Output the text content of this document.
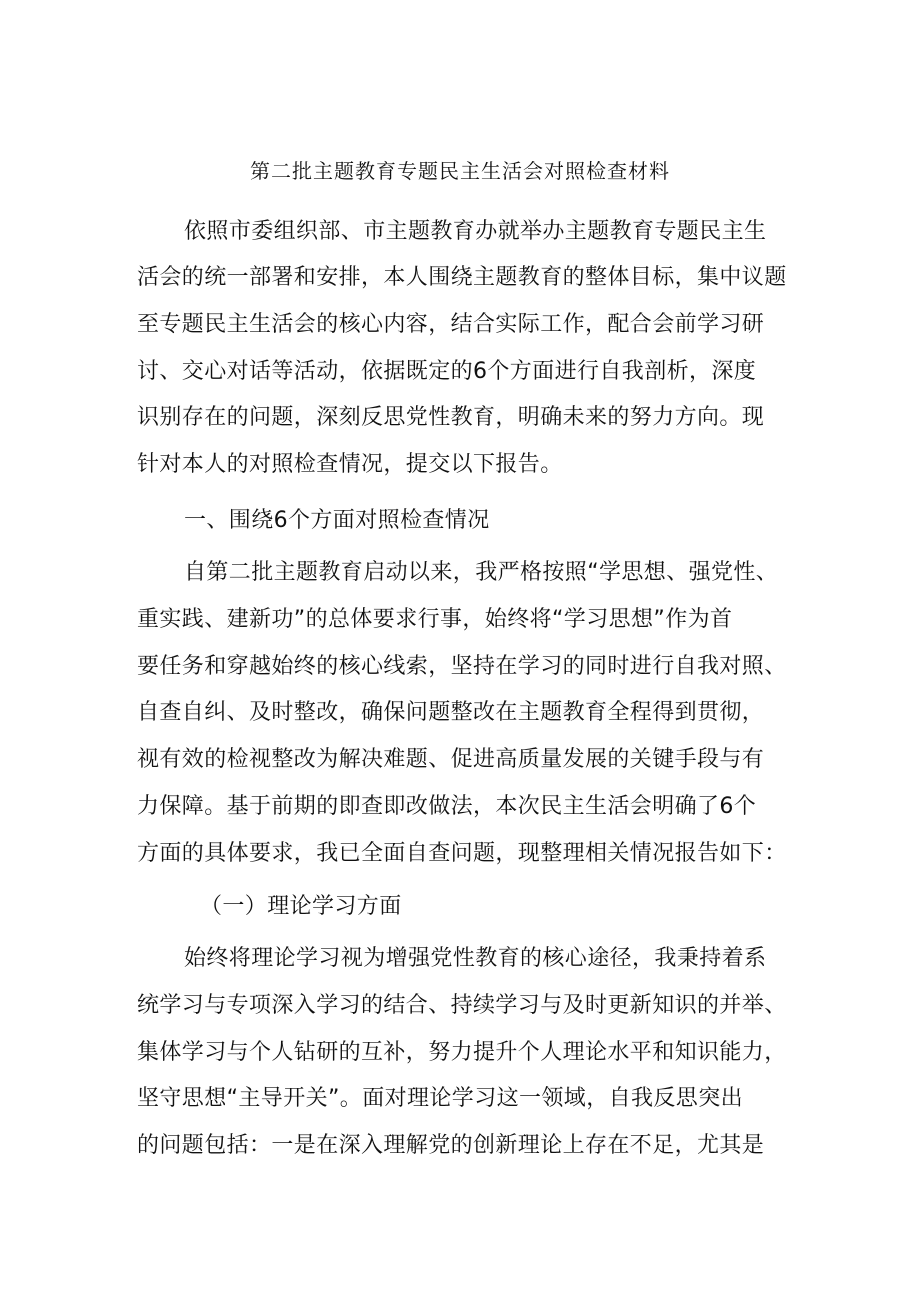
第二批主题教育专题民主生活会对照检查材料
依照市委组织部、市主题教育办就举办主题教育专题民主生
活会的统一部署和安排，本人围绕主题教育的整体目标，集中议题
至专题民主生活会的核心内容，结合实际工作，配合会前学习研
讨、交心对话等活动，依据既定的6个方面进行自我剖析，深度
识别存在的问题，深刻反思党性教育，明确未来的努力方向。现
针对本人的对照检查情况，提交以下报告。
一、围绕6个方面对照检查情况
自第二批主题教育启动以来，我严格按照“学思想、强党性、
重实践、建新功”的总体要求行事，始终将“学习思想”作为首
要任务和穿越始终的核心线索，坚持在学习的同时进行自我对照、
自查自纠、及时整改，确保问题整改在主题教育全程得到贯彻，
视有效的检视整改为解决难题、促进高质量发展的关键手段与有
力保障。基于前期的即查即改做法，本次民主生活会明确了6个
方面的具体要求，我已全面自查问题，现整理相关情况报告如下：
（一）理论学习方面
始终将理论学习视为增强党性教育的核心途径，我秉持着系
统学习与专项深入学习的结合、持续学习与及时更新知识的并举、
集体学习与个人钻研的互补，努力提升个人理论水平和知识能力，
坚守思想“主导开关”。面对理论学习这一领域，自我反思突出
的问题包括：一是在深入理解党的创新理论上存在不足，尤其是
